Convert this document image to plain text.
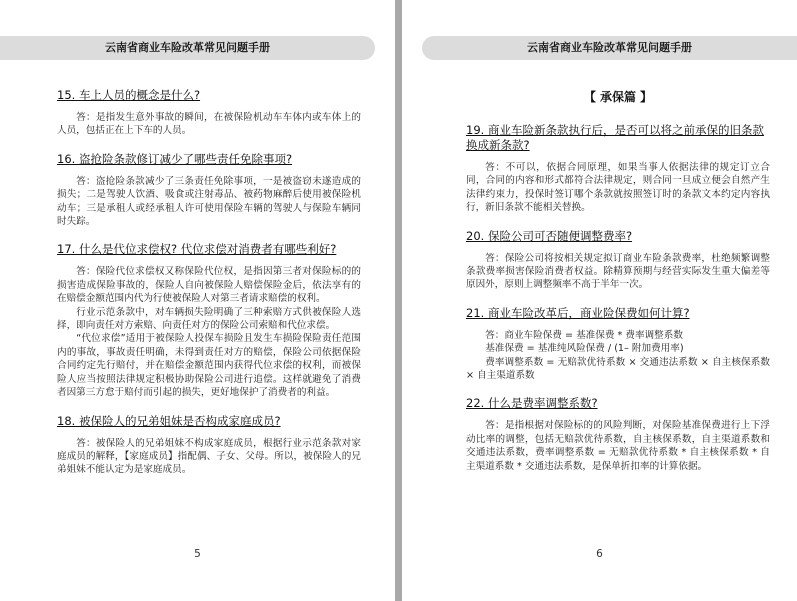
云南省商业车险改革常见问题手册

15. 车上人员的概念是什么?

答：是指发生意外事故的瞬间，在被保险机动车车体内或车体上的人员，包括正在上下车的人员。

16. 盗抢险条款修订减少了哪些责任免除事项?

答：盗抢险条款减少了三条责任免除事项，一是被盗窃未遂造成的损失；二是驾驶人饮酒、吸食或注射毒品、被药物麻醉后使用被保险机动车；三是承租人或经承租人许可使用保险车辆的驾驶人与保险车辆同时失踪。

17. 什么是代位求偿权? 代位求偿对消费者有哪些利好?

答：保险代位求偿权又称保险代位权，是指因第三者对保险标的的损害造成保险事故的，保险人自向被保险人赔偿保险金后，依法享有的在赔偿金额范围内代为行使被保险人对第三者请求赔偿的权利。

行业示范条款中，对车辆损失险明确了三种索赔方式供被保险人选择，即向责任对方索赔、向责任对方的保险公司索赔和代位求偿。

“代位求偿”适用于被保险人投保车损险且发生车损险保险责任范围内的事故，事故责任明确，未得到责任对方的赔偿，保险公司依据保险合同约定先行赔付，并在赔偿金额范围内获得代位求偿的权利，而被保险人应当按照法律规定积极协助保险公司进行追偿。这样就避免了消费者因第三方怠于赔付而引起的损失，更好地保护了消费者的利益。

18. 被保险人的兄弟姐妹是否构成家庭成员?

答：被保险人的兄弟姐妹不构成家庭成员，根据行业示范条款对家庭成员的解释，【家庭成员】指配偶、子女、父母。所以，被保险人的兄弟姐妹不能认定为是家庭成员。

5
云南省商业车险改革常见问题手册
【 承保篇 】

19. 商业车险新条款执行后，是否可以将之前承保的旧条款换成新条款?

答：不可以，依据合同原理，如果当事人依据法律的规定订立合同，合同的内容和形式都符合法律规定，则合同一旦成立便会自然产生法律约束力，投保时签订哪个条款就按照签订时的条款文本约定内容执行，新旧条款不能相关替换。

20. 保险公司可否随便调整费率?

答：保险公司将按相关规定拟订商业车险条款费率，杜绝频繁调整条款费率损害保险消费者权益。除精算预期与经营实际发生重大偏差等原因外，原则上调整频率不高于半年一次。

21. 商业车险改革后，商业险保费如何计算?

答：商业车险保费 = 基准保费 * 费率调整系数

基准保费 = 基准纯风险保费 / (1– 附加费用率)

费率调整系数 = 无赔款优待系数 × 交通违法系数 × 自主核保系数 × 自主渠道系数

22. 什么是费率调整系数?

答：是指根据对保险标的的风险判断，对保险基准保费进行上下浮动比率的调整，包括无赔款优待系数，自主核保系数，自主渠道系数和交通违法系数，费率调整系数 = 无赔款优待系数 * 自主核保系数 * 自主渠道系数 * 交通违法系数，是保单折扣率的计算依据。

6
